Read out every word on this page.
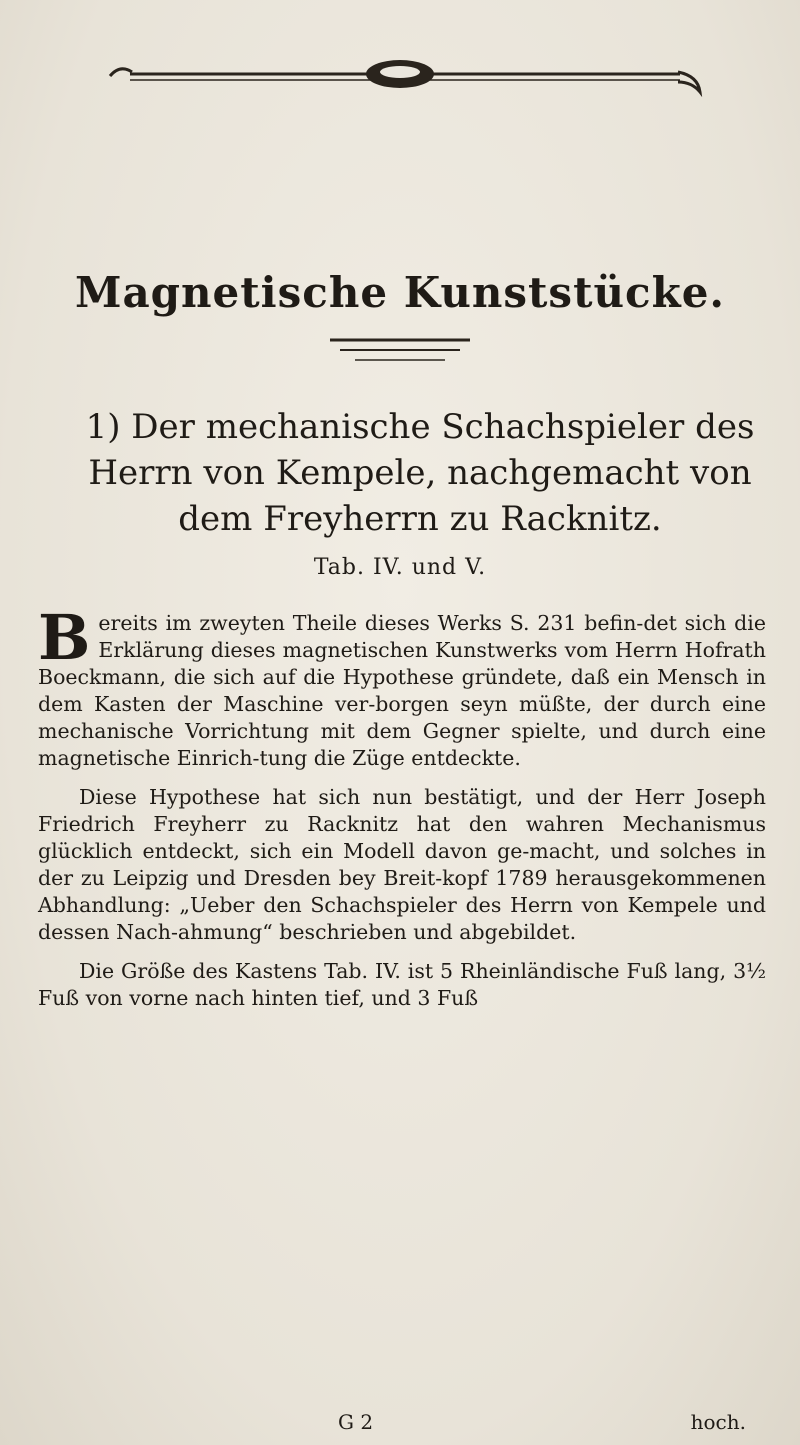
Magnetische Kunststücke.
1) Der mechanische Schachspieler des Herrn von Kempele, nachgemacht von dem Freyherrn zu Racknitz.
Tab. IV. und V.

Bereits im zweyten Theile dieses Werks S. 231 befin-det sich die Erklärung dieses magnetischen Kunstwerks vom Herrn Hofrath Boeckmann, die sich auf die Hypothese gründete, daß ein Mensch in dem Kasten der Maschine ver-borgen seyn müßte, der durch eine mechanische Vorrichtung mit dem Gegner spielte, und durch eine magnetische Einrich-tung die Züge entdeckte.

Diese Hypothese hat sich nun bestätigt, und der Herr Joseph Friedrich Freyherr zu Racknitz hat den wahren Mechanismus glücklich entdeckt, sich ein Modell davon ge-macht, und solches in der zu Leipzig und Dresden bey Breit-kopf 1789 herausgekommenen Abhandlung: „Ueber den Schachspieler des Herrn von Kempele und dessen Nach-ahmung“ beschrieben und abgebildet.

Die Größe des Kastens Tab. IV. ist 5 Rheinländische Fuß lang, 3½ Fuß von vorne nach hinten tief, und 3 Fuß

G 2	hoch.
